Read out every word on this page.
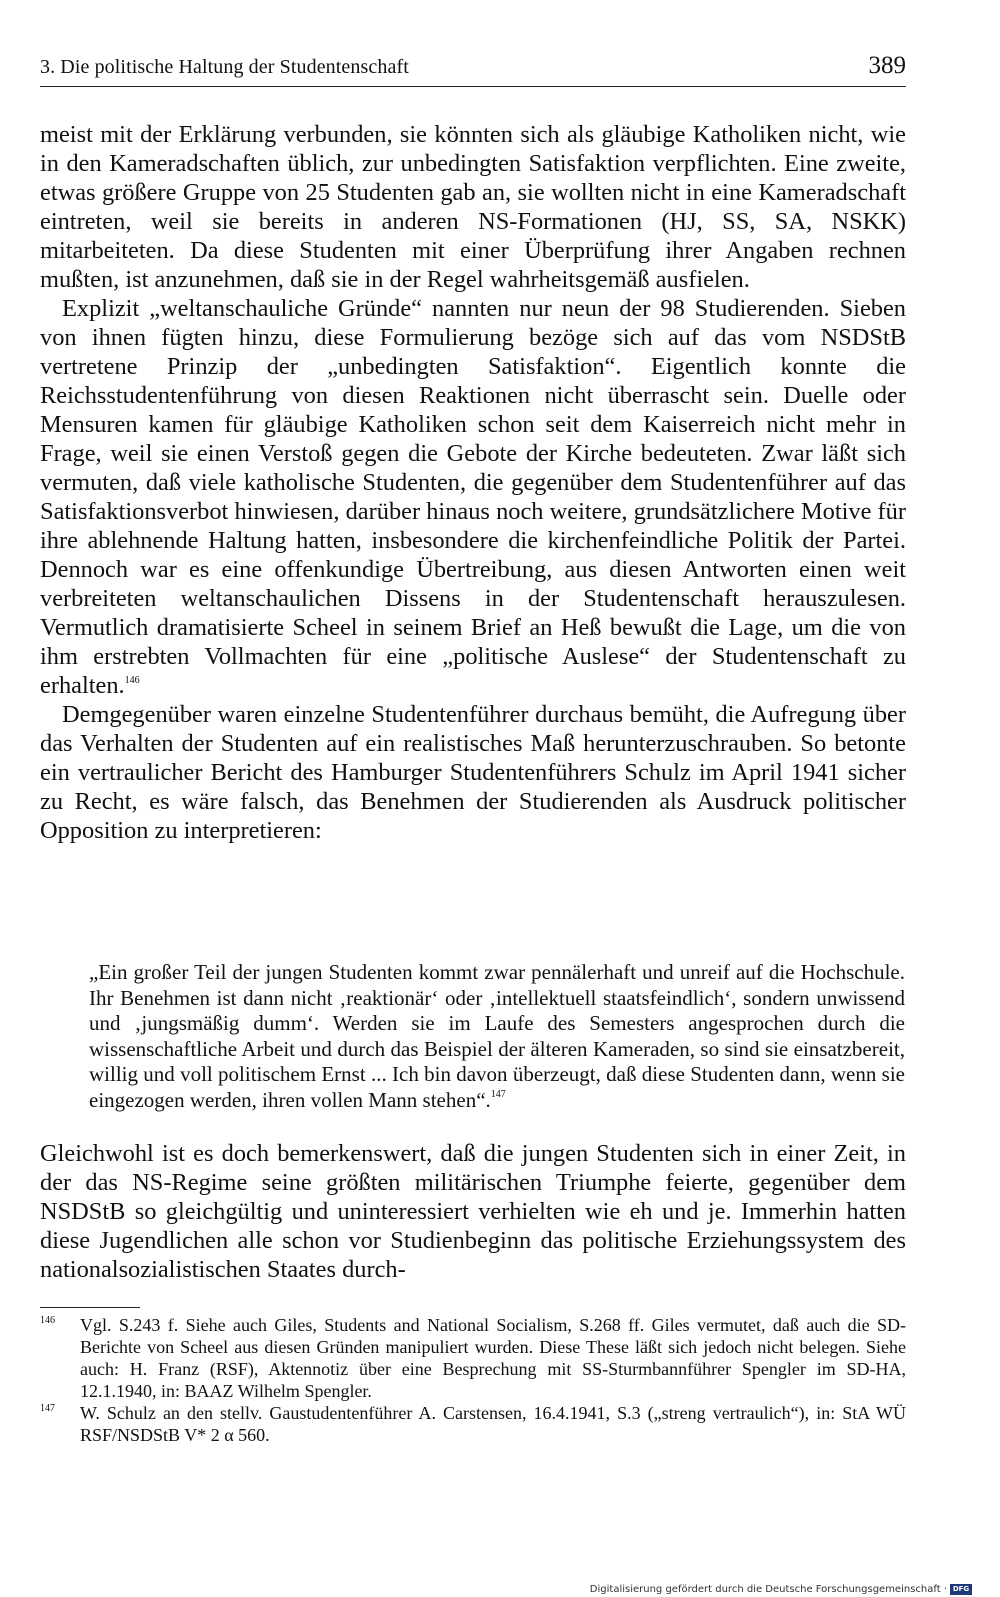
3. Die politische Haltung der Studentenschaft	389

meist mit der Erklärung verbunden, sie könnten sich als gläubige Katholiken nicht, wie in den Kameradschaften üblich, zur unbedingten Satisfaktion verpflichten. Eine zweite, etwas größere Gruppe von 25 Studenten gab an, sie wollten nicht in eine Kameradschaft eintreten, weil sie bereits in anderen NS-Formationen (HJ, SS, SA, NSKK) mitarbeiteten. Da diese Studenten mit einer Überprüfung ihrer Angaben rechnen mußten, ist anzunehmen, daß sie in der Regel wahrheitsgemäß ausfielen.

Explizit „weltanschauliche Gründe“ nannten nur neun der 98 Studierenden. Sieben von ihnen fügten hinzu, diese Formulierung bezöge sich auf das vom NSDStB vertretene Prinzip der „unbedingten Satisfaktion“. Eigentlich konnte die Reichsstudentenführung von diesen Reaktionen nicht überrascht sein. Duelle oder Mensuren kamen für gläubige Katholiken schon seit dem Kaiserreich nicht mehr in Frage, weil sie einen Verstoß gegen die Gebote der Kirche bedeuteten. Zwar läßt sich vermuten, daß viele katholische Studenten, die gegenüber dem Studentenführer auf das Satisfaktionsverbot hinwiesen, darüber hinaus noch weitere, grundsätzlichere Motive für ihre ablehnende Haltung hatten, insbesondere die kirchenfeindliche Politik der Partei. Dennoch war es eine offenkundige Übertreibung, aus diesen Antworten einen weit verbreiteten weltanschaulichen Dissens in der Studentenschaft herauszulesen. Vermutlich dramatisierte Scheel in seinem Brief an Heß bewußt die Lage, um die von ihm erstrebten Vollmachten für eine „politische Auslese“ der Studentenschaft zu erhalten.$^{146}$

Demgegenüber waren einzelne Studentenführer durchaus bemüht, die Aufregung über das Verhalten der Studenten auf ein realistisches Maß herunterzuschrauben. So betonte ein vertraulicher Bericht des Hamburger Studentenführers Schulz im April 1941 sicher zu Recht, es wäre falsch, das Benehmen der Studierenden als Ausdruck politischer Opposition zu interpretieren:

„Ein großer Teil der jungen Studenten kommt zwar pennälerhaft und unreif auf die Hochschule. Ihr Benehmen ist dann nicht ‚reaktionär‘ oder ‚intellektuell staatsfeindlich‘, sondern unwissend und ‚jungsmäßig dumm‘. Werden sie im Laufe des Semesters angesprochen durch die wissenschaftliche Arbeit und durch das Beispiel der älteren Kameraden, so sind sie einsatzbereit, willig und voll politischem Ernst ... Ich bin davon überzeugt, daß diese Studenten dann, wenn sie eingezogen werden, ihren vollen Mann stehen“.$^{147}$

Gleichwohl ist es doch bemerkenswert, daß die jungen Studenten sich in einer Zeit, in der das NS-Regime seine größten militärischen Triumphe feierte, gegenüber dem NSDStB so gleichgültig und uninteressiert verhielten wie eh und je. Immerhin hatten diese Jugendlichen alle schon vor Studienbeginn das politische Erziehungssystem des nationalsozialistischen Staates durch-

146 Vgl. S.243 f. Siehe auch Giles, Students and National Socialism, S.268 ff. Giles vermutet, daß auch die SD-Berichte von Scheel aus diesen Gründen manipuliert wurden. Diese These läßt sich jedoch nicht belegen. Siehe auch: H. Franz (RSF), Aktennotiz über eine Besprechung mit SS-Sturmbannführer Spengler im SD-HA, 12.1.1940, in: BAAZ Wilhelm Spengler.

147 W. Schulz an den stellv. Gaustudentenführer A. Carstensen, 16.4.1941, S.3 („streng vertraulich“), in: StA WÜ RSF/NSDStB V* 2 α 560.

Digitalisierung gefördert durch die Deutsche Forschungsgemeinschaft · DFG
